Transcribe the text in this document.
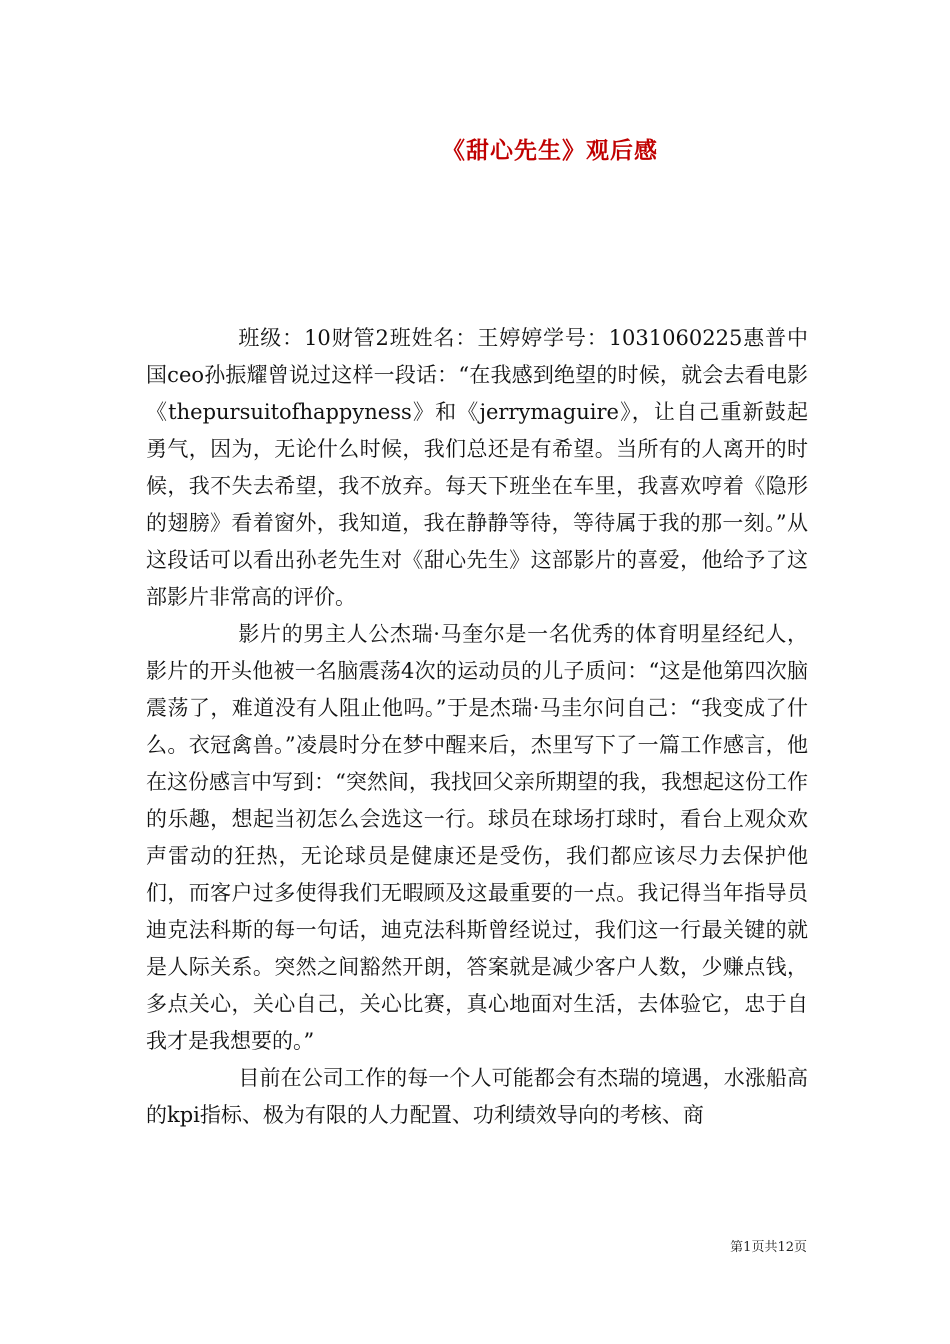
《甜心先生》观后感

班级：10财管2班姓名：王婷婷学号：1031060225惠普中国ceo孙振耀曾说过这样一段话：“在我感到绝望的时候，就会去看电影《thepursuitofhappyness》和《jerrymaguire》，让自己重新鼓起勇气，因为，无论什么时候，我们总还是有希望。当所有的人离开的时候，我不失去希望，我不放弃。每天下班坐在车里，我喜欢哼着《隐形的翅膀》看着窗外，我知道，我在静静等待，等待属于我的那一刻。”从这段话可以看出孙老先生对《甜心先生》这部影片的喜爱，他给予了这部影片非常高的评价。

影片的男主人公杰瑞·马奎尔是一名优秀的体育明星经纪人，影片的开头他被一名脑震荡4次的运动员的儿子质问：“这是他第四次脑震荡了，难道没有人阻止他吗。”于是杰瑞·马圭尔问自己：“我变成了什么。衣冠禽兽。”凌晨时分在梦中醒来后，杰里写下了一篇工作感言，他在这份感言中写到：“突然间，我找回父亲所期望的我，我想起这份工作的乐趣，想起当初怎么会选这一行。球员在球场打球时，看台上观众欢声雷动的狂热，无论球员是健康还是受伤，我们都应该尽力去保护他们，而客户过多使得我们无暇顾及这最重要的一点。我记得当年指导员迪克法科斯的每一句话，迪克法科斯曾经说过，我们这一行最关键的就是人际关系。突然之间豁然开朗，答案就是减少客户人数，少赚点钱，多点关心，关心自己，关心比赛，真心地面对生活，去体验它，忠于自我才是我想要的。”

目前在公司工作的每一个人可能都会有杰瑞的境遇，水涨船高的kpi指标、极为有限的人力配置、功利绩效导向的考核、商

第1页共12页
